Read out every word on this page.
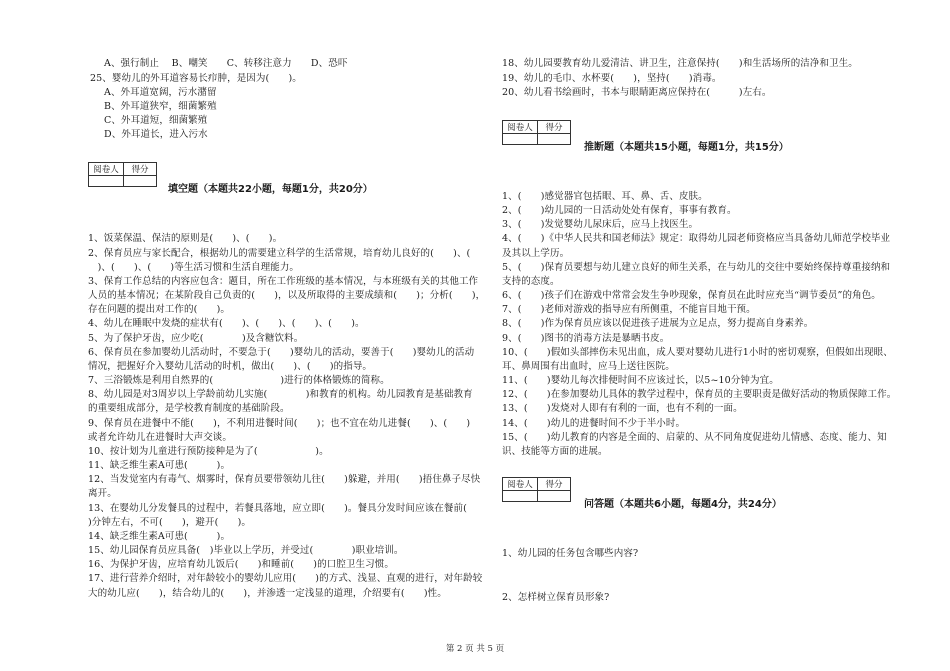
A、强行制止　 B、嘲笑　　C、转移注意力　　D、恐吓
25、婴幼儿的外耳道容易长疖肿，是因为(　　)。
A、外耳道宽阔，污水潴留
B、外耳道狭窄，细菌繁殖
C、外耳道短，细菌繁殖
D、外耳道长，进入污水
阅卷人	得分

填空题（本题共22小题，每题1分，共20分）
1、饭菜保温、保洁的原则是(　　)、(　　)。
2、保育员应与家长配合，根据幼儿的需要建立科学的生活常规，培育幼儿良好的(　　)、(
　)、(　　)、(　　)等生活习惯和生活自理能力。
3、保育工作总结的内容应包含：题目，所在工作班级的基本情况，与本班级有关的其他工作
人员的基本情况；在某阶段自己负责的(　　)，以及所取得的主要成绩和(　　)；分析(　　)，
存在问题的提出对工作的(　　)。
4、幼儿在睡眠中发烧的症状有(　　)、(　　)、(　　)、(　　)。
5、为了保护牙齿，应少吃(　　　　)及含糖饮料。
6、保育员在参加婴幼儿活动时，不要急于(　　)婴幼儿的活动，要善于(　　)婴幼儿的活动
情况，把握好介入婴幼儿活动的时机，做出(　　)、(　　)的指导。
7、三浴锻炼是利用自然界的(　　　　　　　)进行的体格锻炼的简称。
8、幼儿园是对3周岁以上学龄前幼儿实施(　　　　)和教育的机构。幼儿园教育是基础教育
的重要组成部分，是学校教育制度的基础阶段。
9、保育员在进餐中不能(　　)，不利用进餐时间(　　)；也不宜在幼儿进餐(　　)、(　　)
或者允许幼儿在进餐时大声交谈。
10、按计划为儿童进行预防接种是为了(　　　　　　)。
11、缺乏维生素A可患(　　　)。
12、当发觉室内有毒气、烟雾时，保育员要带领幼儿往(　　)躲避，并用(　　)捂住鼻子尽快
离开。
13、在婴幼儿分发餐具的过程中，若餐具落地，应立即(　　)。餐具分发时间应该在餐前(　　
)分钟左右，不可(　　)，避开(　　)。
14、缺乏维生素A可患(　　　)。
15、幼儿园保育员应具备(　)毕业以上学历，并受过(　　　　)职业培训。
16、为保护牙齿，应培育幼儿饭后(　　)和睡前(　　)的口腔卫生习惯。
17、进行营养介绍时，对年龄较小的婴幼儿应用(　　)的方式、浅显、直观的进行，对年龄较
大的幼儿应(　　)，结合幼儿的(　　)，并渗透一定浅显的道理，介绍要有(　　)性。
18、幼儿园要教育幼儿爱清洁、讲卫生，注意保持(　　)和生活场所的洁净和卫生。
19、幼儿的毛巾、水杯要(　　)，坚持(　　)消毒。
20、幼儿看书绘画时，书本与眼睛距离应保持在(　　　)左右。
阅卷人	得分

推断题（本题共15小题，每题1分，共15分）
1、(　　)感觉器官包括眼、耳、鼻、舌、皮肤。
2、(　　)幼儿园的一日活动处处有保育，事事有教育。
3、(　　)发觉婴幼儿尿床后，应马上找医生。
4、(　　)《中华人民共和国老师法》规定：取得幼儿园老师资格应当具备幼儿师范学校毕业
及其以上学历。
5、(　　)保育员要想与幼儿建立良好的师生关系，在与幼儿的交往中要始终保持尊重接纳和
支持的态度。
6、(　　)孩子们在游戏中常常会发生争吵现象，保育员在此时应充当“调节委员”的角色。
7、(　　)老师对游戏的指导应有所侧重，不能盲目地干预。
8、(　　)作为保育员应该以促进孩子进展为立足点，努力提高自身素养。
9、(　　)图书的消毒方法是暴晒书皮。
10、(　　)假如头部摔伤未见出血，成人要对婴幼儿进行1小时的密切观察，但假如出现眼、
耳、鼻周围有出血时，应马上送往医院。
11、(　　)婴幼儿每次排便时间不应该过长，以5~10分钟为宜。
12、(　　)在参加婴幼儿具体的教学过程中，保育员的主要职责是做好活动的物质保障工作。
13、(　　)发烧对人即有有利的一面，也有不利的一面。
14、(　　)幼儿的进餐时间不少于半小时。
15、(　　)幼儿教育的内容是全面的、启蒙的、从不同角度促进幼儿情感、态度、能力、知
识、技能等方面的进展。
阅卷人	得分

问答题（本题共6小题，每题4分，共24分）
1、幼儿园的任务包含哪些内容?
2、怎样树立保育员形象?
第 2 页 共 5 页
